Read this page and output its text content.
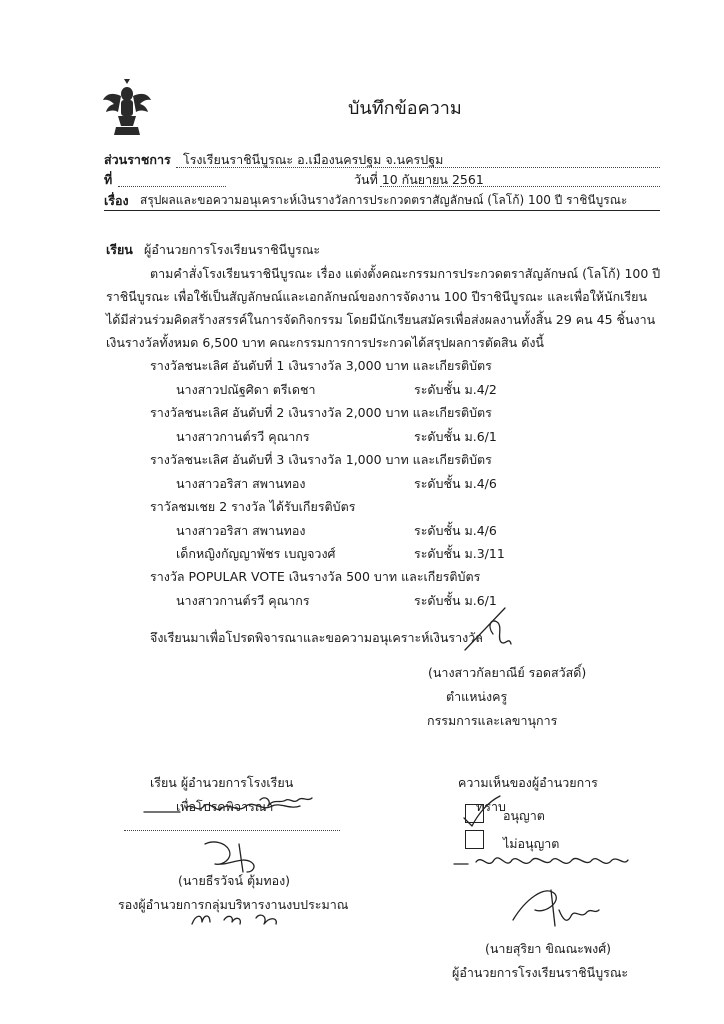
บันทึกข้อความ
ส่วนราชการ โรงเรียนราชินีบูรณะ อ.เมืองนครปฐม จ.นครปฐม
ที่	วันที่ 10 กันยายน 2561
เรื่อง สรุปผลและขอความอนุเคราะห์เงินรางวัลการประกวดตราสัญลักษณ์ (โลโก้) 100 ปี ราชินีบูรณะ
เรียน ผู้อำนวยการโรงเรียนราชินีบูรณะ
ตามคำสั่งโรงเรียนราชินีบูรณะ เรื่อง แต่งตั้งคณะกรรมการประกวดตราสัญลักษณ์ (โลโก้) 100 ปี
ราชินีบูรณะ เพื่อใช้เป็นสัญลักษณ์และเอกลักษณ์ของการจัดงาน 100 ปีราชินีบูรณะ และเพื่อให้นักเรียน
ได้มีส่วนร่วมคิดสร้างสรรค์ในการจัดกิจกรรม โดยมีนักเรียนสมัครเพื่อส่งผลงานทั้งสิ้น 29 คน 45 ชิ้นงาน
เงินรางวัลทั้งหมด 6,500 บาท คณะกรรมการการประกวดได้สรุปผลการตัดสิน ดังนี้
รางวัลชนะเลิศ อันดับที่ 1 เงินรางวัล 3,000 บาท และเกียรติบัตร
นางสาวปณัฐศิดา ตรีเดชา	ระดับชั้น ม.4/2
รางวัลชนะเลิศ อันดับที่ 2 เงินรางวัล 2,000 บาท และเกียรติบัตร
นางสาวกานต์รวี คุณากร	ระดับชั้น ม.6/1
รางวัลชนะเลิศ อันดับที่ 3 เงินรางวัล 1,000 บาท และเกียรติบัตร
นางสาวอริสา สพานทอง	ระดับชั้น ม.4/6
ราวัลชมเชย 2 รางวัล ได้รับเกียรติบัตร
นางสาวอริสา สพานทอง	ระดับชั้น ม.4/6
เด็กหญิงกัญญาพัชร เบญจวงศ์	ระดับชั้น ม.3/11
รางวัล POPULAR VOTE เงินรางวัล 500 บาท และเกียรติบัตร
นางสาวกานต์รวี คุณากร	ระดับชั้น ม.6/1
จึงเรียนมาเพื่อโปรดพิจารณาและขอความอนุเคราะห์เงินรางวัล
(นางสาวกัลยาณีย์ รอดสวัสดิ์)
ตำแหน่งครู
กรรมการและเลขานุการ
เรียน ผู้อำนวยการโรงเรียน
เพื่อโปรดพิจารณา
(นายธีรวัจน์ ตุ้มทอง)
รองผู้อำนวยการกลุ่มบริหารงานงบประมาณ
ความเห็นของผู้อำนวยการ
ทราบ
อนุญาต
ไม่อนุญาต
(นายสุริยา ขิณณะพงศ์)
ผู้อำนวยการโรงเรียนราชินีบูรณะ
